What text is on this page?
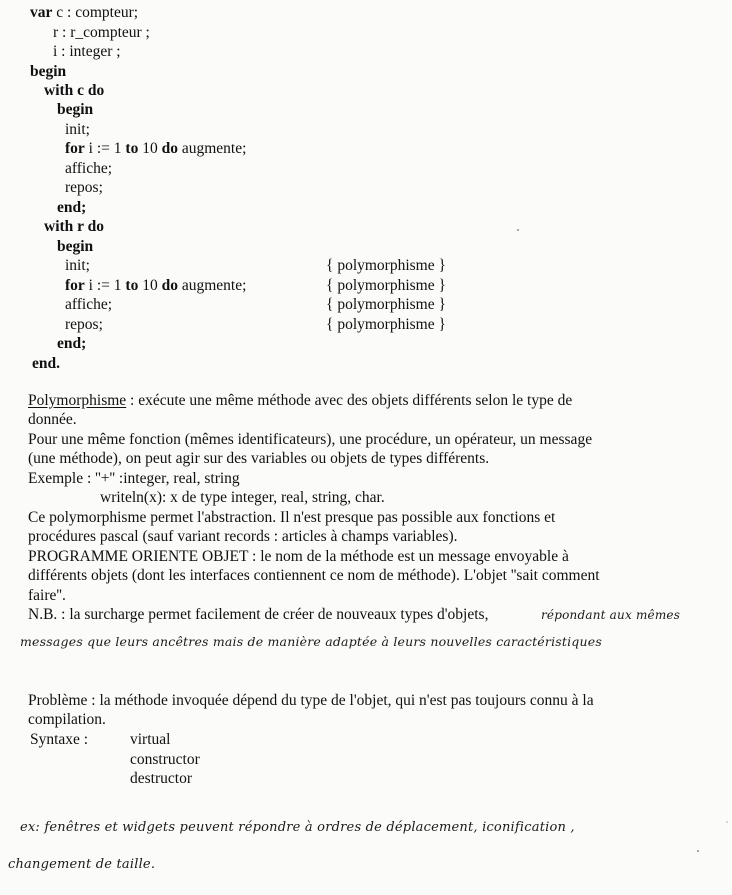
var c : compteur;
r : r_compteur ;
i : integer ;
begin
with c do
begin
init;
for i := 1 to 10 do augmente;
affiche;
repos;
end;
with r do
begin
init;
for i := 1 to 10 do augmente;
affiche;
repos;
end;
end.
{ polymorphisme }
{ polymorphisme }
{ polymorphisme }
{ polymorphisme }
Polymorphisme : exécute une même méthode avec des objets différents selon le type de
donnée.
Pour une même fonction (mêmes identificateurs), une procédure, un opérateur, un message
(une méthode), on peut agir sur des variables ou objets de types différents.
Exemple : ''+'' :integer, real, string
writeln(x): x de type integer, real, string, char.
Ce polymorphisme permet l'abstraction. Il n'est presque pas possible aux fonctions et
procédures pascal (sauf variant records : articles à champs variables).
PROGRAMME ORIENTE OBJET : le nom de la méthode est un message envoyable à
différents objets (dont les interfaces contiennent ce nom de méthode). L'objet ''sait comment
faire''.
N.B. : la surcharge permet facilement de créer de nouveaux types d'objets,	répondant aux mêmes
messages que leurs ancêtres mais de manière adaptée à leurs nouvelles caractéristiques
Problème : la méthode invoquée dépend du type de l'objet, qui n'est pas toujours connu à la
compilation.
Syntaxe :	virtual
constructor
destructor
ex: fenêtres et widgets peuvent répondre à ordres de déplacement, iconification ,
changement de taille.
